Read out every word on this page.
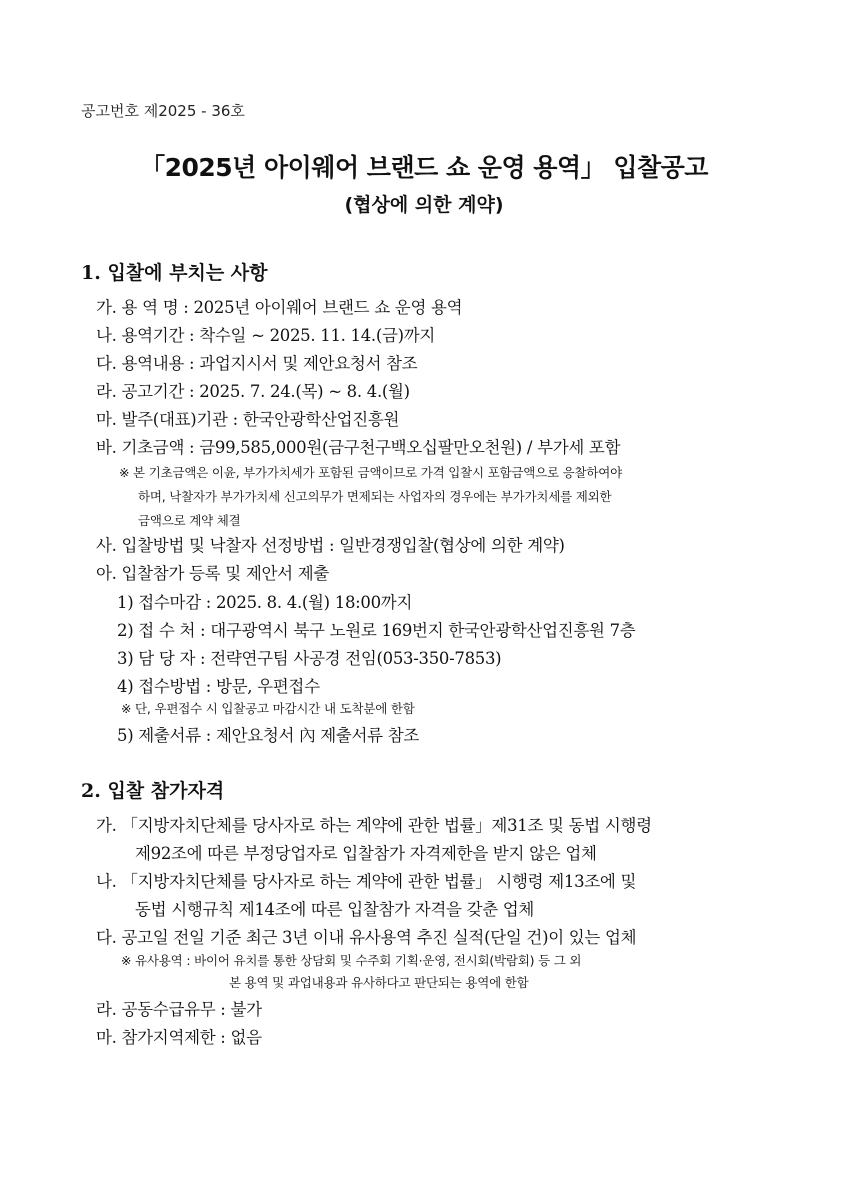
공고번호 제2025 - 36호
「2025년 아이웨어 브랜드 쇼 운영 용역」 입찰공고
(협상에 의한 계약)
1. 입찰에 부치는 사항
가. 용 역 명 : 2025년 아이웨어 브랜드 쇼 운영 용역
나. 용역기간 : 착수일 ~ 2025. 11. 14.(금)까지
다. 용역내용 : 과업지시서 및 제안요청서 참조
라. 공고기간 : 2025. 7. 24.(목) ~ 8. 4.(월)
마. 발주(대표)기관 : 한국안광학산업진흥원
바. 기초금액 : 금99,585,000원(금구천구백오십팔만오천원) / 부가세 포함
※ 본 기초금액은 이윤, 부가가치세가 포함된 금액이므로 가격 입찰시 포함금액으로 응찰하여야
하며, 낙찰자가 부가가치세 신고의무가 면제되는 사업자의 경우에는 부가가치세를 제외한
금액으로 계약 체결
사. 입찰방법 및 낙찰자 선정방법 : 일반경쟁입찰(협상에 의한 계약)
아. 입찰참가 등록 및 제안서 제출
1) 접수마감 : 2025. 8. 4.(월) 18:00까지
2) 접 수 처 : 대구광역시 북구 노원로 169번지 한국안광학산업진흥원 7층
3) 담 당 자 : 전략연구팀 사공경 전임(053-350-7853)
4) 접수방법 : 방문, 우편접수
※ 단, 우편접수 시 입찰공고 마감시간 내 도착분에 한함
5) 제출서류 : 제안요청서 內 제출서류 참조
2. 입찰 참가자격
가. 「지방자치단체를 당사자로 하는 계약에 관한 법률」제31조 및 동법 시행령
제92조에 따른 부정당업자로 입찰참가 자격제한을 받지 않은 업체
나. 「지방자치단체를 당사자로 하는 계약에 관한 법률」 시행령 제13조에 및
동법 시행규칙 제14조에 따른 입찰참가 자격을 갖춘 업체
다. 공고일 전일 기준 최근 3년 이내 유사용역 추진 실적(단일 건)이 있는 업체
※ 유사용역 : 바이어 유치를 통한 상담회 및 수주회 기획·운영, 전시회(박람회) 등 그 외
본 용역 및 과업내용과 유사하다고 판단되는 용역에 한함
라. 공동수급유무 : 불가
마. 참가지역제한 : 없음
